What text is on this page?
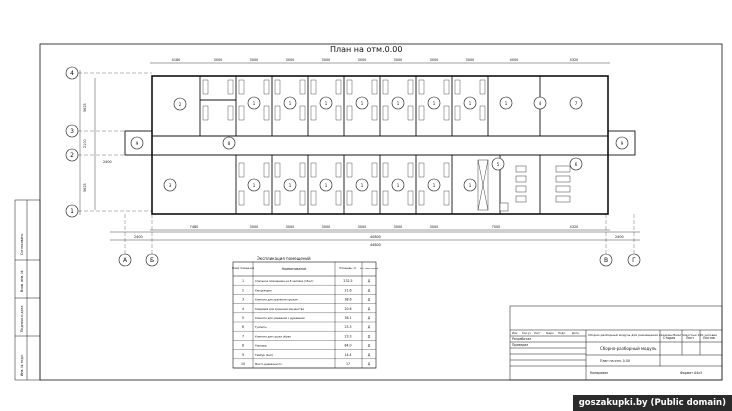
Согласовано
Взам. инв. №
Подпись и дата
Инв. № подл.
План на отм.0.00
4180	3000	3000	3000	3000	3000	3000	3000	3000	4000	4320
7480	3000	3000	3000	3000	3000	3000	7000	4320
5625
2100
5625
2400	40800	2400
44800
2400
2	1	1	1	1	1	1	1	1	4	7
3	1	1	1	1	1	1	1
5	6
9	8	9
4
3
2
1
А	Б	В	Г
Экспликация помещений
Номер помеще-ния	Наименование	Площадь, м² Кат. поме-щения
1	Спальное помещение на 8 человек (15шт)	232.5	Д
2	Канцелярия	21.6	Д
3	Комната для хранения оружия	38.6	Д
4	Кладовая для хранения имущества	20.6	Д
5	Комната для умывания с душевыми	36.1	Д
6	Туалеты	23.3	Д
7	Комната для сушки обуви	23.3	Д
8	Коридор	84.0	Д
9	Тамбур (2шт)	14.4	Д
10	Место дневального	17	Д
Изм Кол.уч Лист №док Подп. Дата	Сборно-разборный модуль для размещения казармы Вместимостью 120 человек
Сборно-разборный модуль
План на отм. 0.00
Стадия	Лист	Листов
Разработал
Проверил
Копировал	Формат А4х3
goszakupki.by (Public domain)
